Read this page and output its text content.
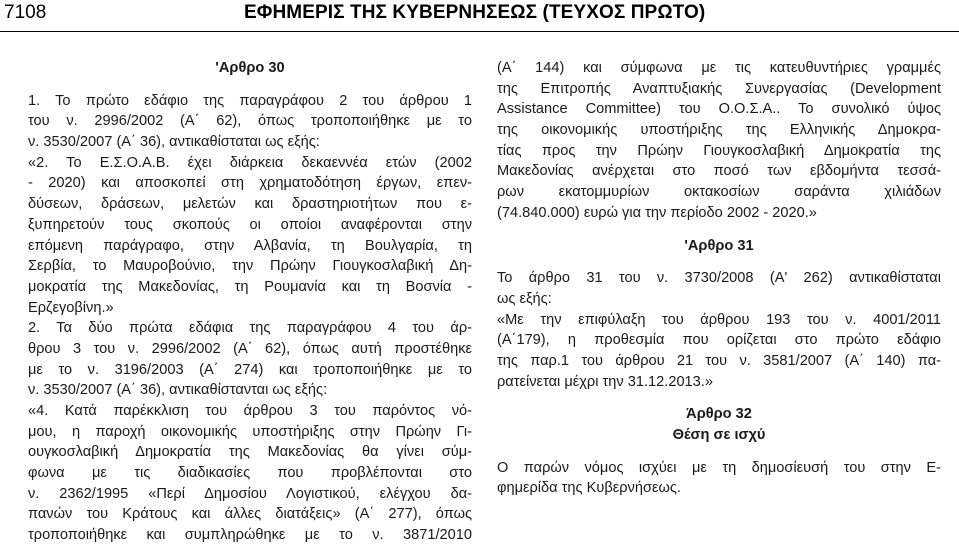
7108	ΕΦΗΜΕΡΙΣ ΤΗΣ ΚΥΒΕΡΝΗΣΕΩΣ (ΤΕΥΧΟΣ ΠΡΩΤΟ)
'Αρθρο 30
1. Το πρώτο εδάφιο της παραγράφου 2 του άρθρου 1
του ν. 2996/2002 (Α΄ 62), όπως τροποποιήθηκε με το
ν. 3530/2007 (Α΄ 36), αντικαθίσταται ως εξής:
«2. Το Ε.Σ.Ο.Α.Β. έχει διάρκεια δεκαεννέα ετών (2002
- 2020) και αποσκοπεί στη χρηματοδότηση έργων, επεν-
δύσεων, δράσεων, μελετών και δραστηριοτήτων που ε-
ξυπηρετούν τους σκοπούς οι οποίοι αναφέρονται στην
επόμενη παράγραφο, στην Αλβανία, τη Βουλγαρία, τη
Σερβία, το Μαυροβούνιο, την Πρώην Γιουγκοσλαβική Δη-
μοκρατία της Μακεδονίας, τη Ρουμανία και τη Βοσνία -
Ερζεγοβίνη.»
2. Τα δύο πρώτα εδάφια της παραγράφου 4 του άρ-
θρου 3 του ν. 2996/2002 (Α΄ 62), όπως αυτή προστέθηκε
με το ν. 3196/2003 (Α΄ 274) και τροποποιήθηκε με το
ν. 3530/2007 (Α΄ 36), αντικαθίστανται ως εξής:
«4. Κατά παρέκκλιση του άρθρου 3 του παρόντος νό-
μου, η παροχή οικονομικής υποστήριξης στην Πρώην Γι-
ουγκοσλαβική Δημοκρατία της Μακεδονίας θα γίνει σύμ-
φωνα με τις διαδικασίες που προβλέπονται στο
ν. 2362/1995 «Περί Δημοσίου Λογιστικού, ελέγχου δα-
πανών του Κράτους και άλλες διατάξεις» (Α΄ 277), όπως
τροποποιήθηκε και συμπληρώθηκε με το ν. 3871/2010
(Α΄ 144) και σύμφωνα με τις κατευθυντήριες γραμμές
της Επιτροπής Αναπτυξιακής Συνεργασίας (Development
Assistance Committee) του Ο.Ο.Σ.Α.. Το συνολικό ύψος
της οικονομικής υποστήριξης της Ελληνικής Δημοκρα-
τίας προς την Πρώην Γιουγκοσλαβική Δημοκρατία της
Μακεδονίας ανέρχεται στο ποσό των εβδομήντα τεσσά-
ρων εκατομμυρίων οκτακοσίων σαράντα χιλιάδων
(74.840.000) ευρώ για την περίοδο 2002 - 2020.»
'Αρθρο 31
Το άρθρο 31 του ν. 3730/2008 (Α' 262) αντικαθίσταται
ως εξής:
«Με την επιφύλαξη του άρθρου 193 του ν. 4001/2011
(Α΄179), η προθεσμία που ορίζεται στο πρώτο εδάφιο
της παρ.1 του άρθρου 21 του ν. 3581/2007 (Α΄ 140) πα-
ρατείνεται μέχρι την 31.12.2013.»
Άρθρο 32
Θέση σε ισχύ
Ο παρών νόμος ισχύει με τη δημοσίευσή του στην Ε-
φημερίδα της Κυβερνήσεως.
